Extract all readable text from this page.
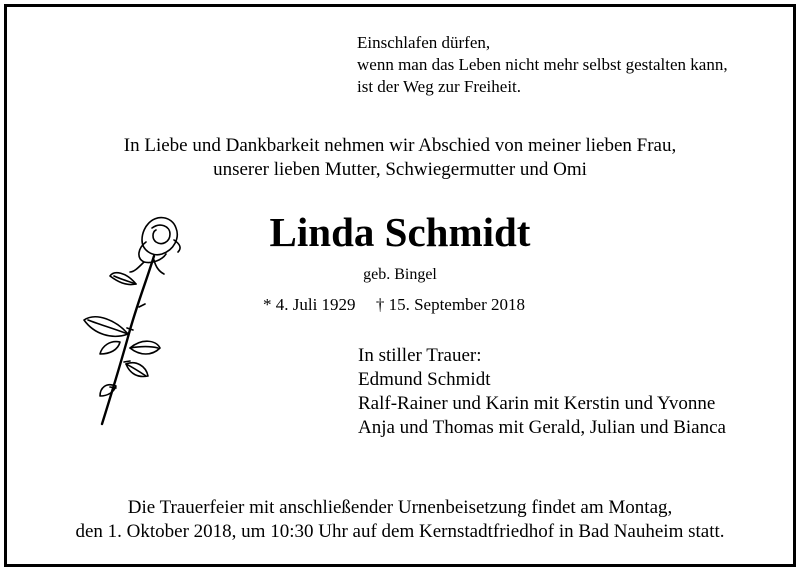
Einschlafen dürfen,
wenn man das Leben nicht mehr selbst gestalten kann,
ist der Weg zur Freiheit.
In Liebe und Dankbarkeit nehmen wir Abschied von meiner lieben Frau,
unserer lieben Mutter, Schwiegermutter und Omi
Linda Schmidt
geb. Bingel
* 4. Juli 1929 † 15. September 2018
In stiller Trauer:
Edmund Schmidt
Ralf-Rainer und Karin mit Kerstin und Yvonne
Anja und Thomas mit Gerald, Julian und Bianca
Die Trauerfeier mit anschließender Urnenbeisetzung findet am Montag,
den 1. Oktober 2018, um 10:30 Uhr auf dem Kernstadtfriedhof in Bad Nauheim statt.
